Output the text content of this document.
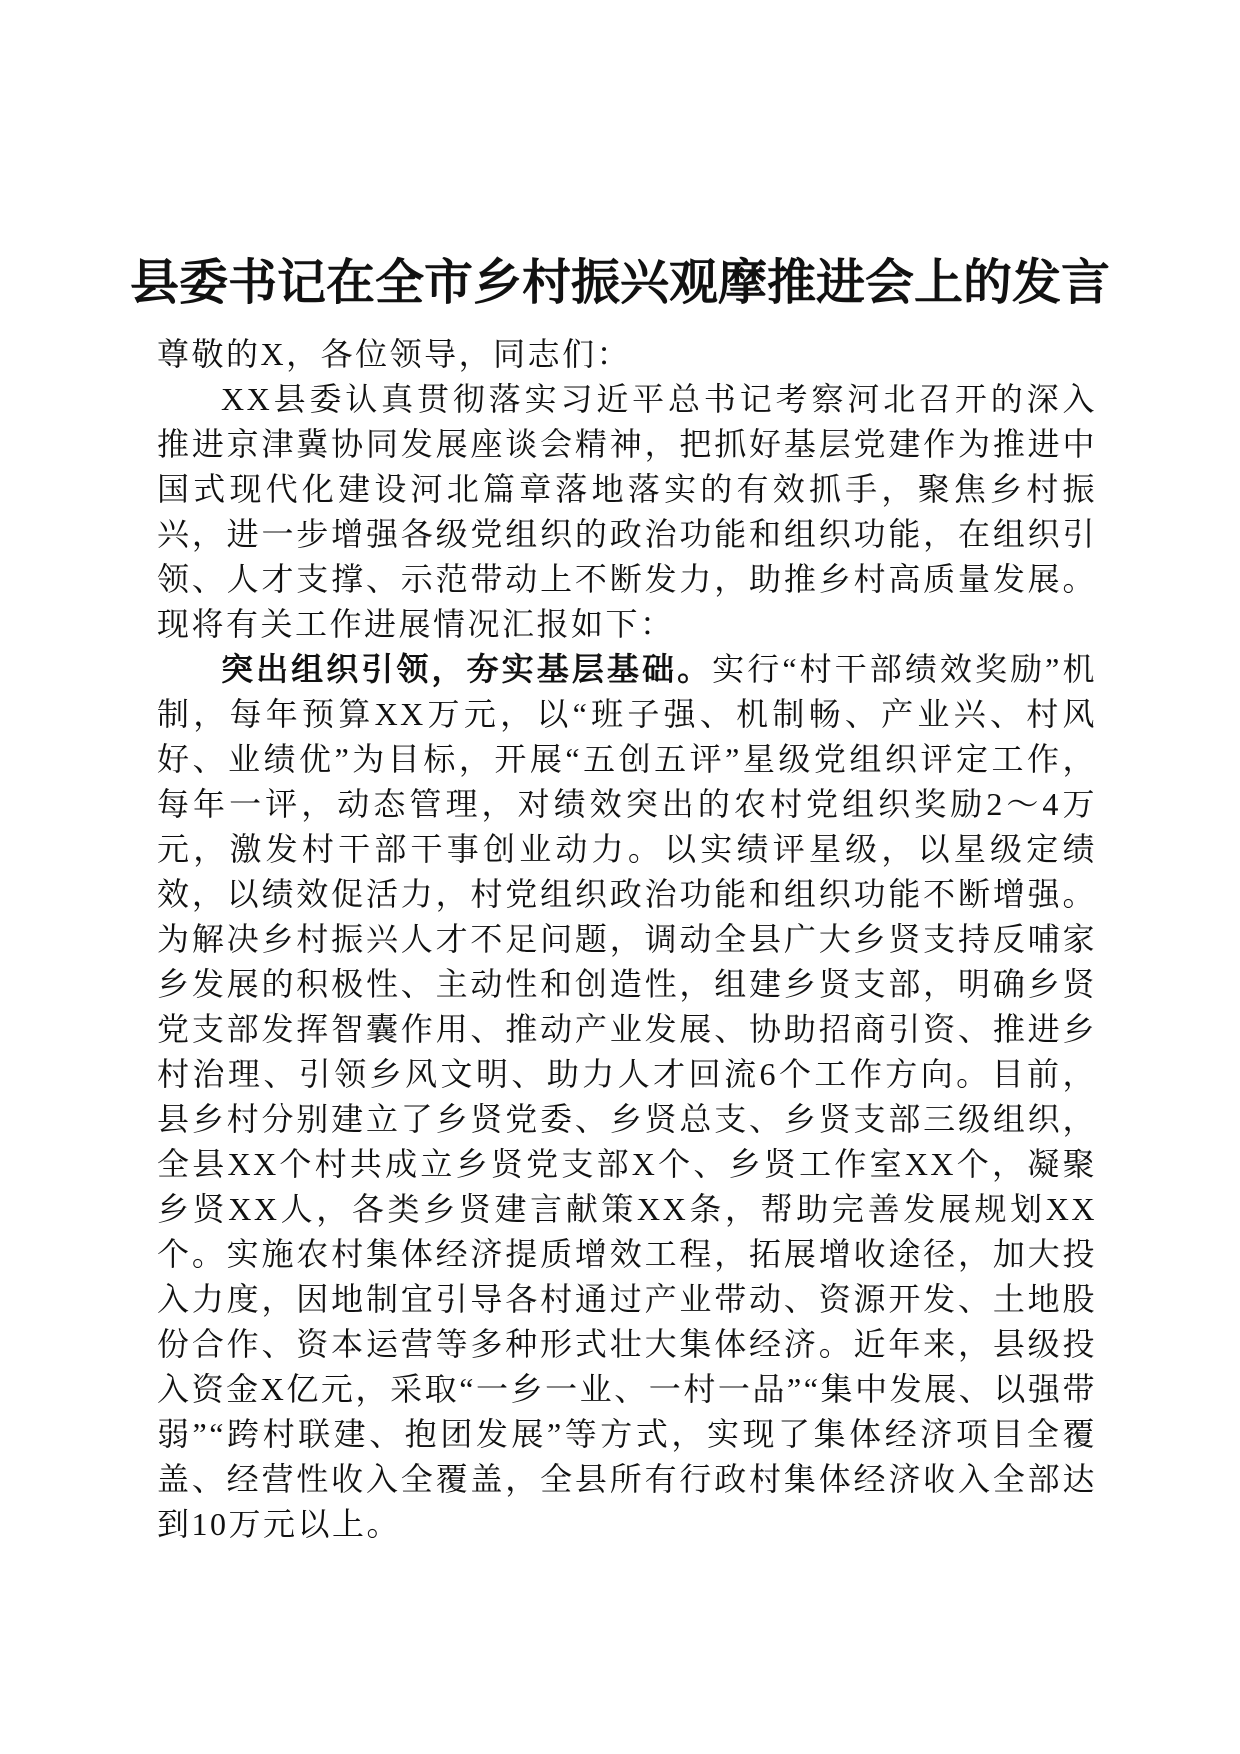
县委书记在全市乡村振兴观摩推进会上的发言

尊敬的X，各位领导，同志们：

XX县委认真贯彻落实习近平总书记考察河北召开的深入推进京津冀协同发展座谈会精神，把抓好基层党建作为推进中国式现代化建设河北篇章落地落实的有效抓手，聚焦乡村振兴，进一步增强各级党组织的政治功能和组织功能，在组织引领、人才支撑、示范带动上不断发力，助推乡村高质量发展。现将有关工作进展情况汇报如下：

突出组织引领，夯实基层基础。实行“村干部绩效奖励”机制，每年预算XX万元，以“班子强、机制畅、产业兴、村风好、业绩优”为目标，开展“五创五评”星级党组织评定工作，每年一评，动态管理，对绩效突出的农村党组织奖励2～4万元，激发村干部干事创业动力。以实绩评星级，以星级定绩效，以绩效促活力，村党组织政治功能和组织功能不断增强。为解决乡村振兴人才不足问题，调动全县广大乡贤支持反哺家乡发展的积极性、主动性和创造性，组建乡贤支部，明确乡贤党支部发挥智囊作用、推动产业发展、协助招商引资、推进乡村治理、引领乡风文明、助力人才回流6个工作方向。目前，县乡村分别建立了乡贤党委、乡贤总支、乡贤支部三级组织，全县XX个村共成立乡贤党支部X个、乡贤工作室XX个，凝聚乡贤XX人，各类乡贤建言献策XX条，帮助完善发展规划XX个。实施农村集体经济提质增效工程，拓展增收途径，加大投入力度，因地制宜引导各村通过产业带动、资源开发、土地股份合作、资本运营等多种形式壮大集体经济。近年来，县级投入资金X亿元，采取“一乡一业、一村一品”“集中发展、以强带弱”“跨村联建、抱团发展”等方式，实现了集体经济项目全覆盖、经营性收入全覆盖，全县所有行政村集体经济收入全部达到10万元以上。
